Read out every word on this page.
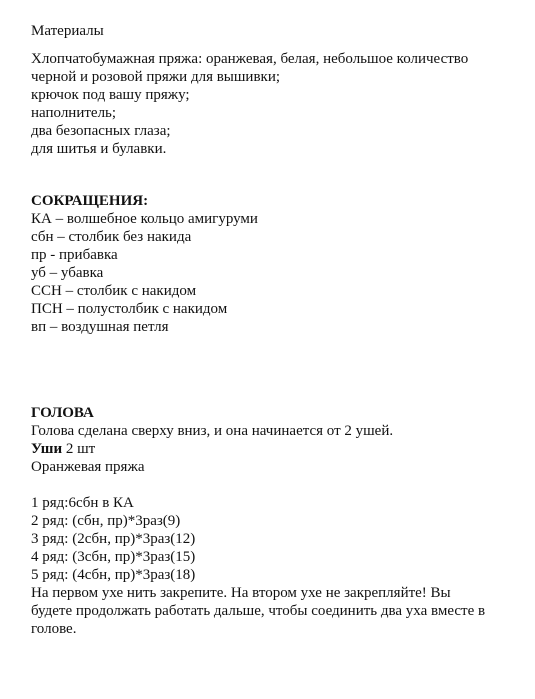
Материалы
Хлопчатобумажная пряжа: оранжевая, белая, небольшое количество
черной и розовой пряжи для вышивки;
крючок под вашу пряжу;
наполнитель;
два безопасных глаза;
для шитья и булавки.
СОКРАЩЕНИЯ:
КА – волшебное кольцо амигуруми
сбн – столбик без накида
пр - прибавка
уб – убавка
ССН – столбик с накидом
ПСН – полустолбик с накидом
вп – воздушная петля
ГОЛОВА
Голова сделана сверху вниз, и она начинается от 2 ушей.
Уши 2 шт
Оранжевая пряжа
1 ряд:6сбн в КА
2 ряд: (сбн, пр)*3раз(9)
3 ряд: (2сбн, пр)*3раз(12)
4 ряд: (3сбн, пр)*3раз(15)
5 ряд: (4сбн, пр)*3раз(18)
На первом ухе нить закрепите. На втором ухе не закрепляйте! Вы
будете продолжать работать дальше, чтобы соединить два уха вместе в
голове.
